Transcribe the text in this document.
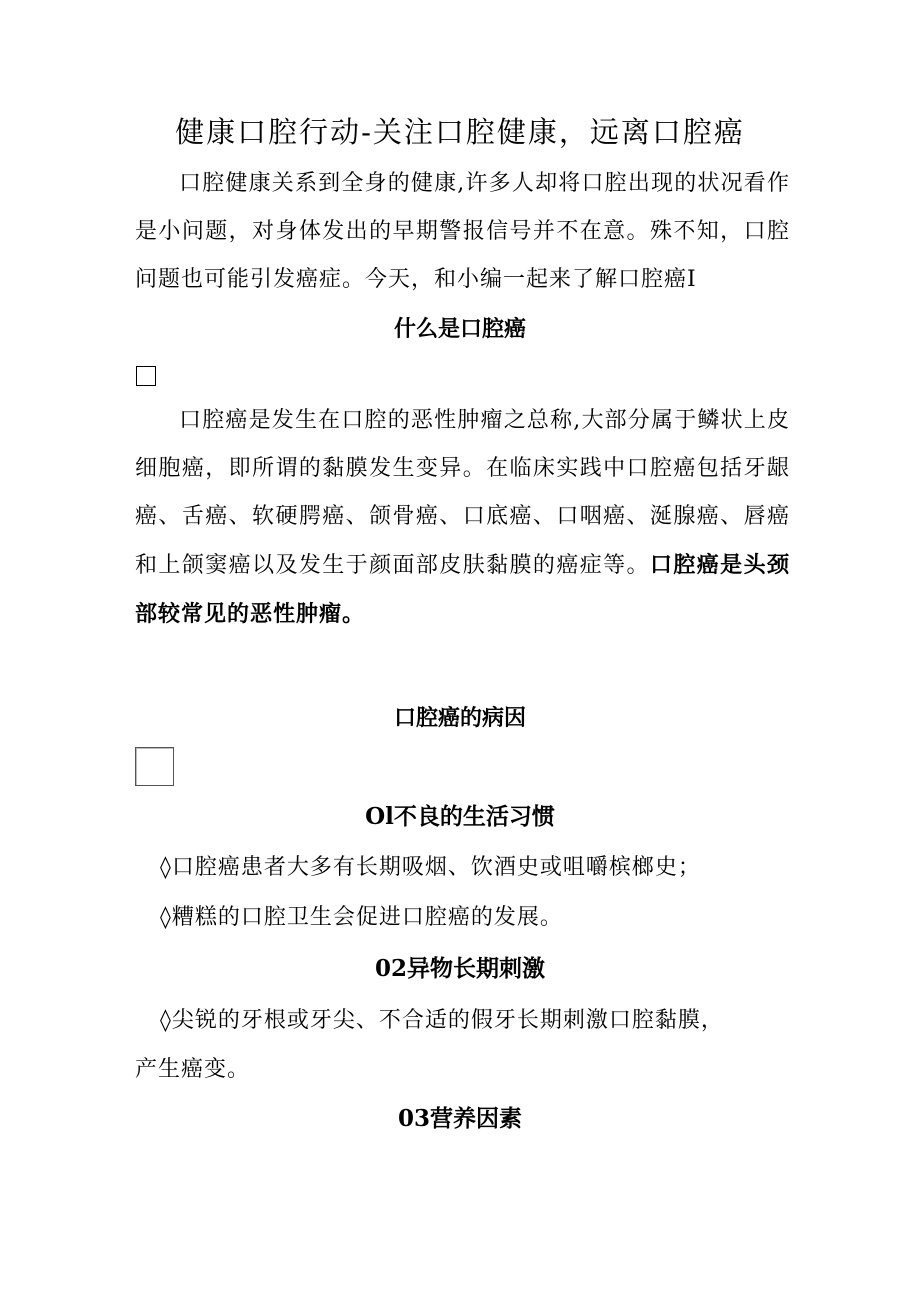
健康口腔行动-关注口腔健康，远离口腔癌
口腔健康关系到全身的健康,许多人却将口腔出现的状况看作是小问题，对身体发出的早期警报信号并不在意。殊不知，口腔问题也可能引发癌症。今天，和小编一起来了解口腔癌Ⅰ
什么是口腔癌
口腔癌是发生在口腔的恶性肿瘤之总称,大部分属于鳞状上皮细胞癌，即所谓的黏膜发生变异。在临床实践中口腔癌包括牙龈癌、舌癌、软硬腭癌、颌骨癌、口底癌、口咽癌、涎腺癌、唇癌和上颌窦癌以及发生于颜面部皮肤黏膜的癌症等。口腔癌是头颈部较常见的恶性肿瘤。
口腔癌的病因
Ol不良的生活习惯
◊口腔癌患者大多有长期吸烟、饮酒史或咀嚼槟榔史；
◊糟糕的口腔卫生会促进口腔癌的发展。
02异物长期刺激
◊尖锐的牙根或牙尖、不合适的假牙长期刺激口腔黏膜，
产生癌变。
03营养因素
